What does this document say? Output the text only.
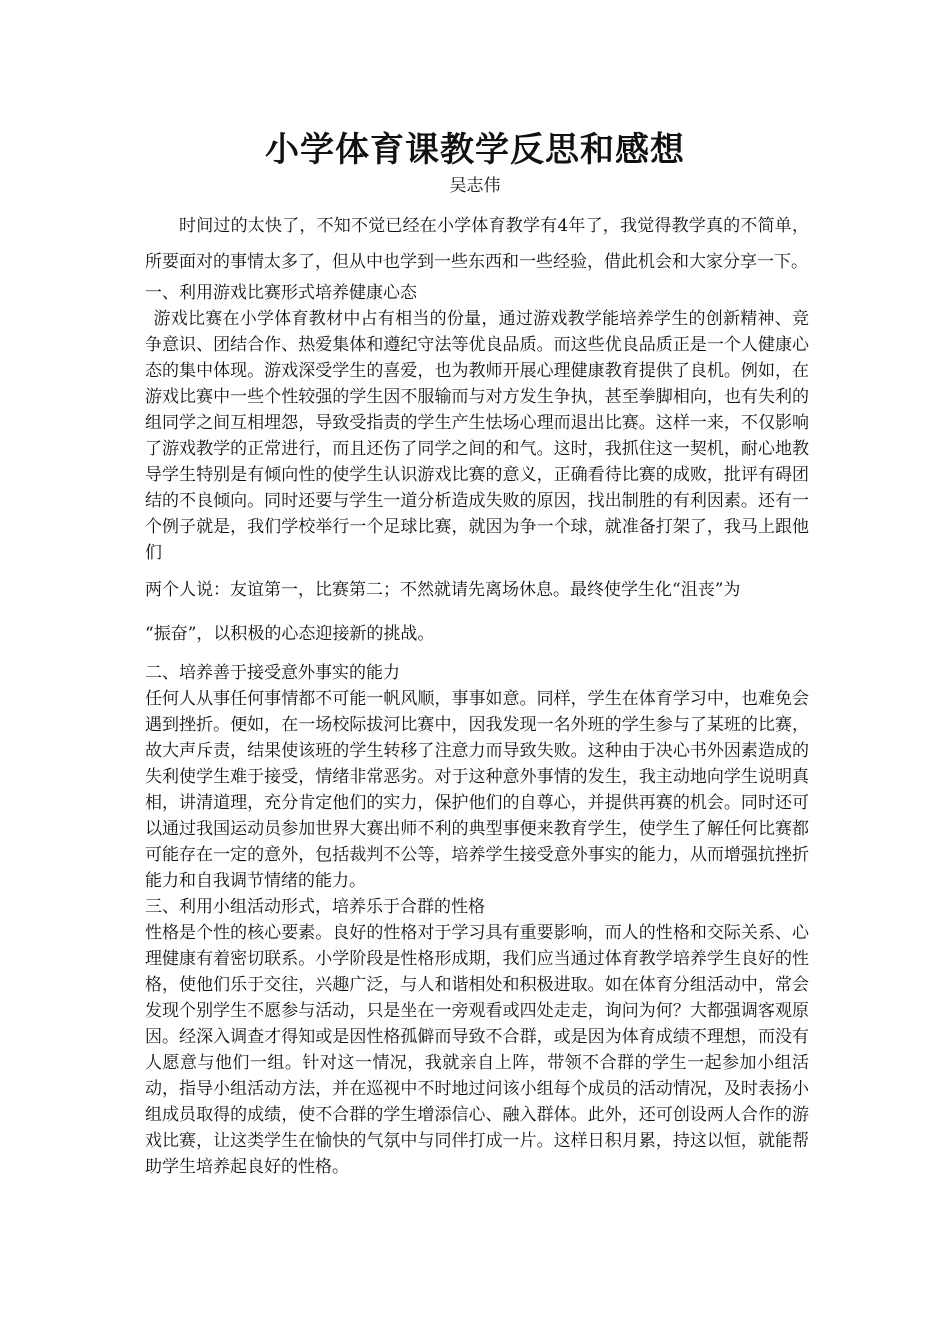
小学体育课教学反思和感想
吴志伟

时间过的太快了，不知不觉已经在小学体育教学有4年了，我觉得教学真的不简单，所要面对的事情太多了，但从中也学到一些东西和一些经验，借此机会和大家分享一下。

一、利用游戏比赛形式培养健康心态

游戏比赛在小学体育教材中占有相当的份量，通过游戏教学能培养学生的创新精神、竞争意识、团结合作、热爱集体和遵纪守法等优良品质。而这些优良品质正是一个人健康心态的集中体现。游戏深受学生的喜爱，也为教师开展心理健康教育提供了良机。例如，在游戏比赛中一些个性较强的学生因不服输而与对方发生争执，甚至拳脚相向，也有失利的组同学之间互相埋怨，导致受指责的学生产生怯场心理而退出比赛。这样一来，不仅影响了游戏教学的正常进行，而且还伤了同学之间的和气。这时，我抓住这一契机，耐心地教导学生特别是有倾向性的使学生认识游戏比赛的意义，正确看待比赛的成败，批评有碍团结的不良倾向。同时还要与学生一道分析造成失败的原因，找出制胜的有利因素。还有一个例子就是，我们学校举行一个足球比赛，就因为争一个球，就准备打架了，我马上跟他们

两个人说：友谊第一，比赛第二；不然就请先离场休息。最终使学生化“沮丧”为

“振奋”，以积极的心态迎接新的挑战。

二、培养善于接受意外事实的能力

任何人从事任何事情都不可能一帆风顺，事事如意。同样，学生在体育学习中，也难免会遇到挫折。便如，在一场校际拔河比赛中，因我发现一名外班的学生参与了某班的比赛，故大声斥责，结果使该班的学生转移了注意力而导致失败。这种由于决心书外因素造成的失利使学生难于接受，情绪非常恶劣。对于这种意外事情的发生，我主动地向学生说明真相，讲清道理，充分肯定他们的实力，保护他们的自尊心，并提供再赛的机会。同时还可以通过我国运动员参加世界大赛出师不利的典型事便来教育学生，使学生了解任何比赛都可能存在一定的意外，包括裁判不公等，培养学生接受意外事实的能力，从而增强抗挫折能力和自我调节情绪的能力。

三、利用小组活动形式，培养乐于合群的性格

性格是个性的核心要素。良好的性格对于学习具有重要影响，而人的性格和交际关系、心理健康有着密切联系。小学阶段是性格形成期，我们应当通过体育教学培养学生良好的性格，使他们乐于交往，兴趣广泛，与人和谐相处和积极进取。如在体育分组活动中，常会发现个别学生不愿参与活动，只是坐在一旁观看或四处走走，询问为何？大都强调客观原因。经深入调查才得知或是因性格孤僻而导致不合群，或是因为体育成绩不理想，而没有人愿意与他们一组。针对这一情况，我就亲自上阵，带领不合群的学生一起参加小组活动，指导小组活动方法，并在巡视中不时地过问该小组每个成员的活动情况，及时表扬小组成员取得的成绩，使不合群的学生增添信心、融入群体。此外，还可创设两人合作的游戏比赛，让这类学生在愉快的气氛中与同伴打成一片。这样日积月累，持这以恒，就能帮助学生培养起良好的性格。
